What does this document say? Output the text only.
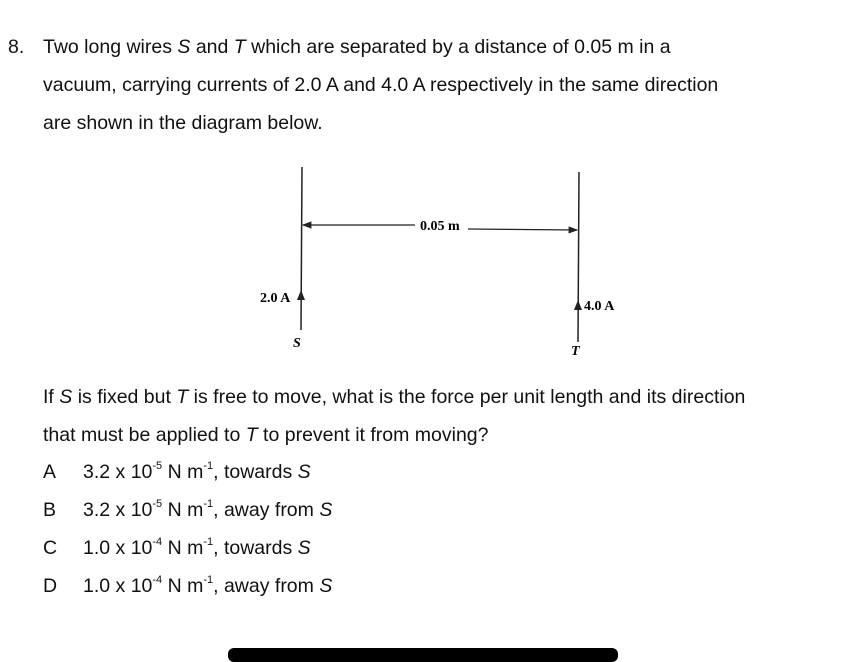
8. Two long wires S and T which are separated by a distance of 0.05 m in a
vacuum, carrying currents of 2.0 A and 4.0 A respectively in the same direction
are shown in the diagram below.
0.05 m
2.0 A
4.0 A
S
T
If S is fixed but T is free to move, what is the force per unit length and its direction
that must be applied to T to prevent it from moving?
A 3.2 x $10^{-5}$ N $m^{-1}$, towards S
B 3.2 x $10^{-5}$ N $m^{-1}$, away from S
C 1.0 x $10^{-4}$ N $m^{-1}$, towards S
D 1.0 x $10^{-4}$ N $m^{-1}$, away from S
